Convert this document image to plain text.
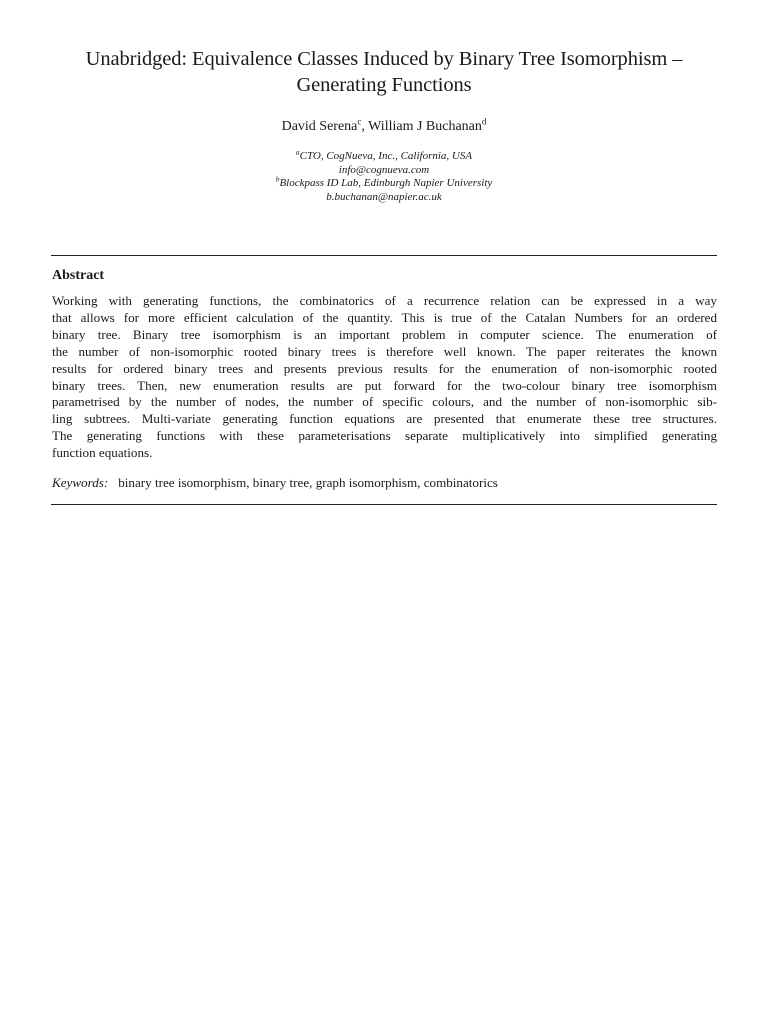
Unabridged: Equivalence Classes Induced by Binary Tree Isomorphism –
Generating Functions
David Serena$^c$, William J Buchanan$^d$
$^a$CTO, CogNueva, Inc., California, USA
info@cognueva.com
$^b$Blockpass ID Lab, Edinburgh Napier University
b.buchanan@napier.ac.uk
Abstract
Working with generating functions, the combinatorics of a recurrence relation can be expressed in a way
that allows for more efficient calculation of the quantity. This is true of the Catalan Numbers for an ordered
binary tree. Binary tree isomorphism is an important problem in computer science. The enumeration of
the number of non-isomorphic rooted binary trees is therefore well known. The paper reiterates the known
results for ordered binary trees and presents previous results for the enumeration of non-isomorphic rooted
binary trees. Then, new enumeration results are put forward for the two-colour binary tree isomorphism
parametrised by the number of nodes, the number of specific colours, and the number of non-isomorphic sib-
ling subtrees. Multi-variate generating function equations are presented that enumerate these tree structures.
The generating functions with these parameterisations separate multiplicatively into simplified generating
function equations.
Keywords: binary tree isomorphism, binary tree, graph isomorphism, combinatorics
